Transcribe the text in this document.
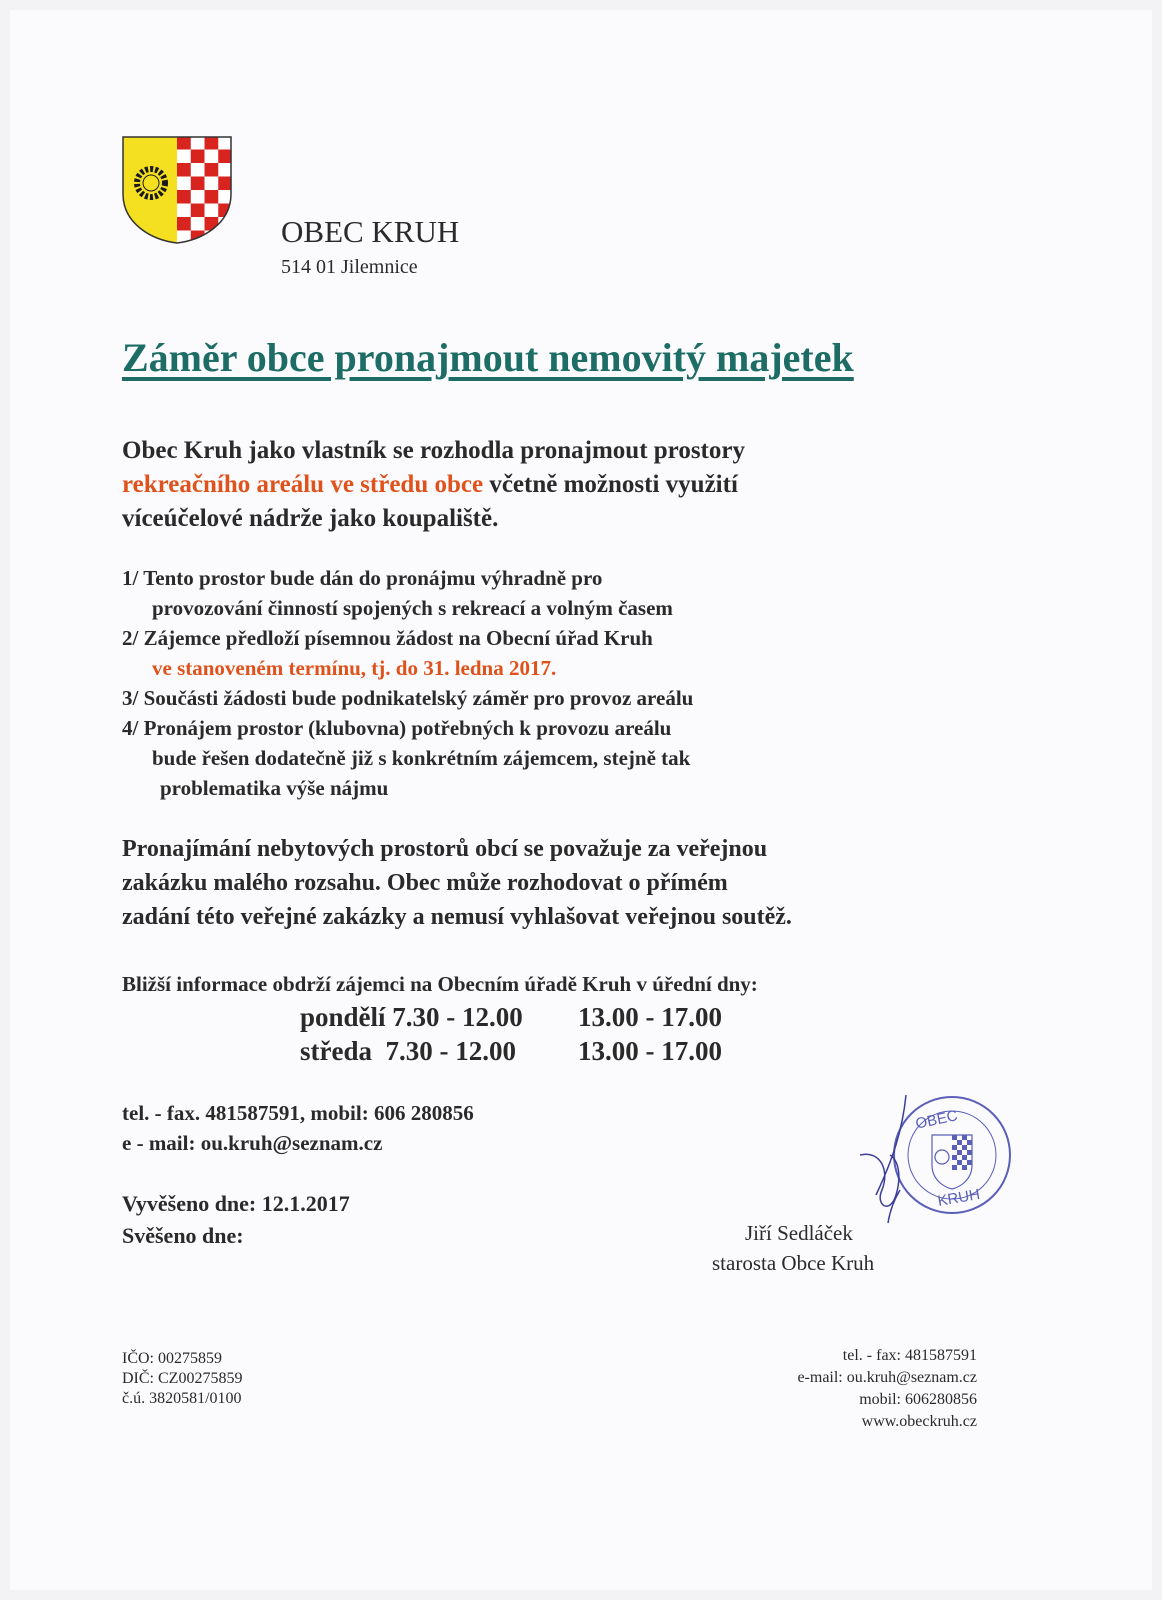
OBEC KRUH
514 01 Jilemnice
Záměr obce pronajmout nemovitý majetek
Obec Kruh jako vlastník se rozhodla pronajmout prostory
rekreačního areálu ve středu obce včetně možnosti využití
víceúčelové nádrže jako koupaliště.
1/ Tento prostor bude dán do pronájmu výhradně pro
provozování činností spojených s rekreací a volným časem
2/ Zájemce předloží písemnou žádost na Obecní úřad Kruh
ve stanoveném termínu, tj. do 31. ledna 2017.
3/ Součásti žádosti bude podnikatelský záměr pro provoz areálu
4/ Pronájem prostor (klubovna) potřebných k provozu areálu
bude řešen dodatečně již s konkrétním zájemcem, stejně tak
problematika výše nájmu
Pronajímání nebytových prostorů obcí se považuje za veřejnou
zakázku malého rozsahu. Obec může rozhodovat o přímém
zadání této veřejné zakázky a nemusí vyhlašovat veřejnou soutěž.
Bližší informace obdrží zájemci na Obecním úřadě Kruh v úřední dny:
pondělí 7.30 - 12.00 13.00 - 17.00
středa  7.30 - 12.00 13.00 - 17.00
tel. - fax. 481587591, mobil: 606 280856
e - mail: ou.kruh@seznam.cz
Vyvěšeno dne: 12.1.2017
Svěšeno dne:
OBEC
KRUH
Jiří Sedláček
starosta Obce Kruh
IČO: 00275859
DIČ: CZ00275859
č.ú. 3820581/0100
tel. - fax: 481587591
e-mail: ou.kruh@seznam.cz
mobil: 606280856
www.obeckruh.cz
